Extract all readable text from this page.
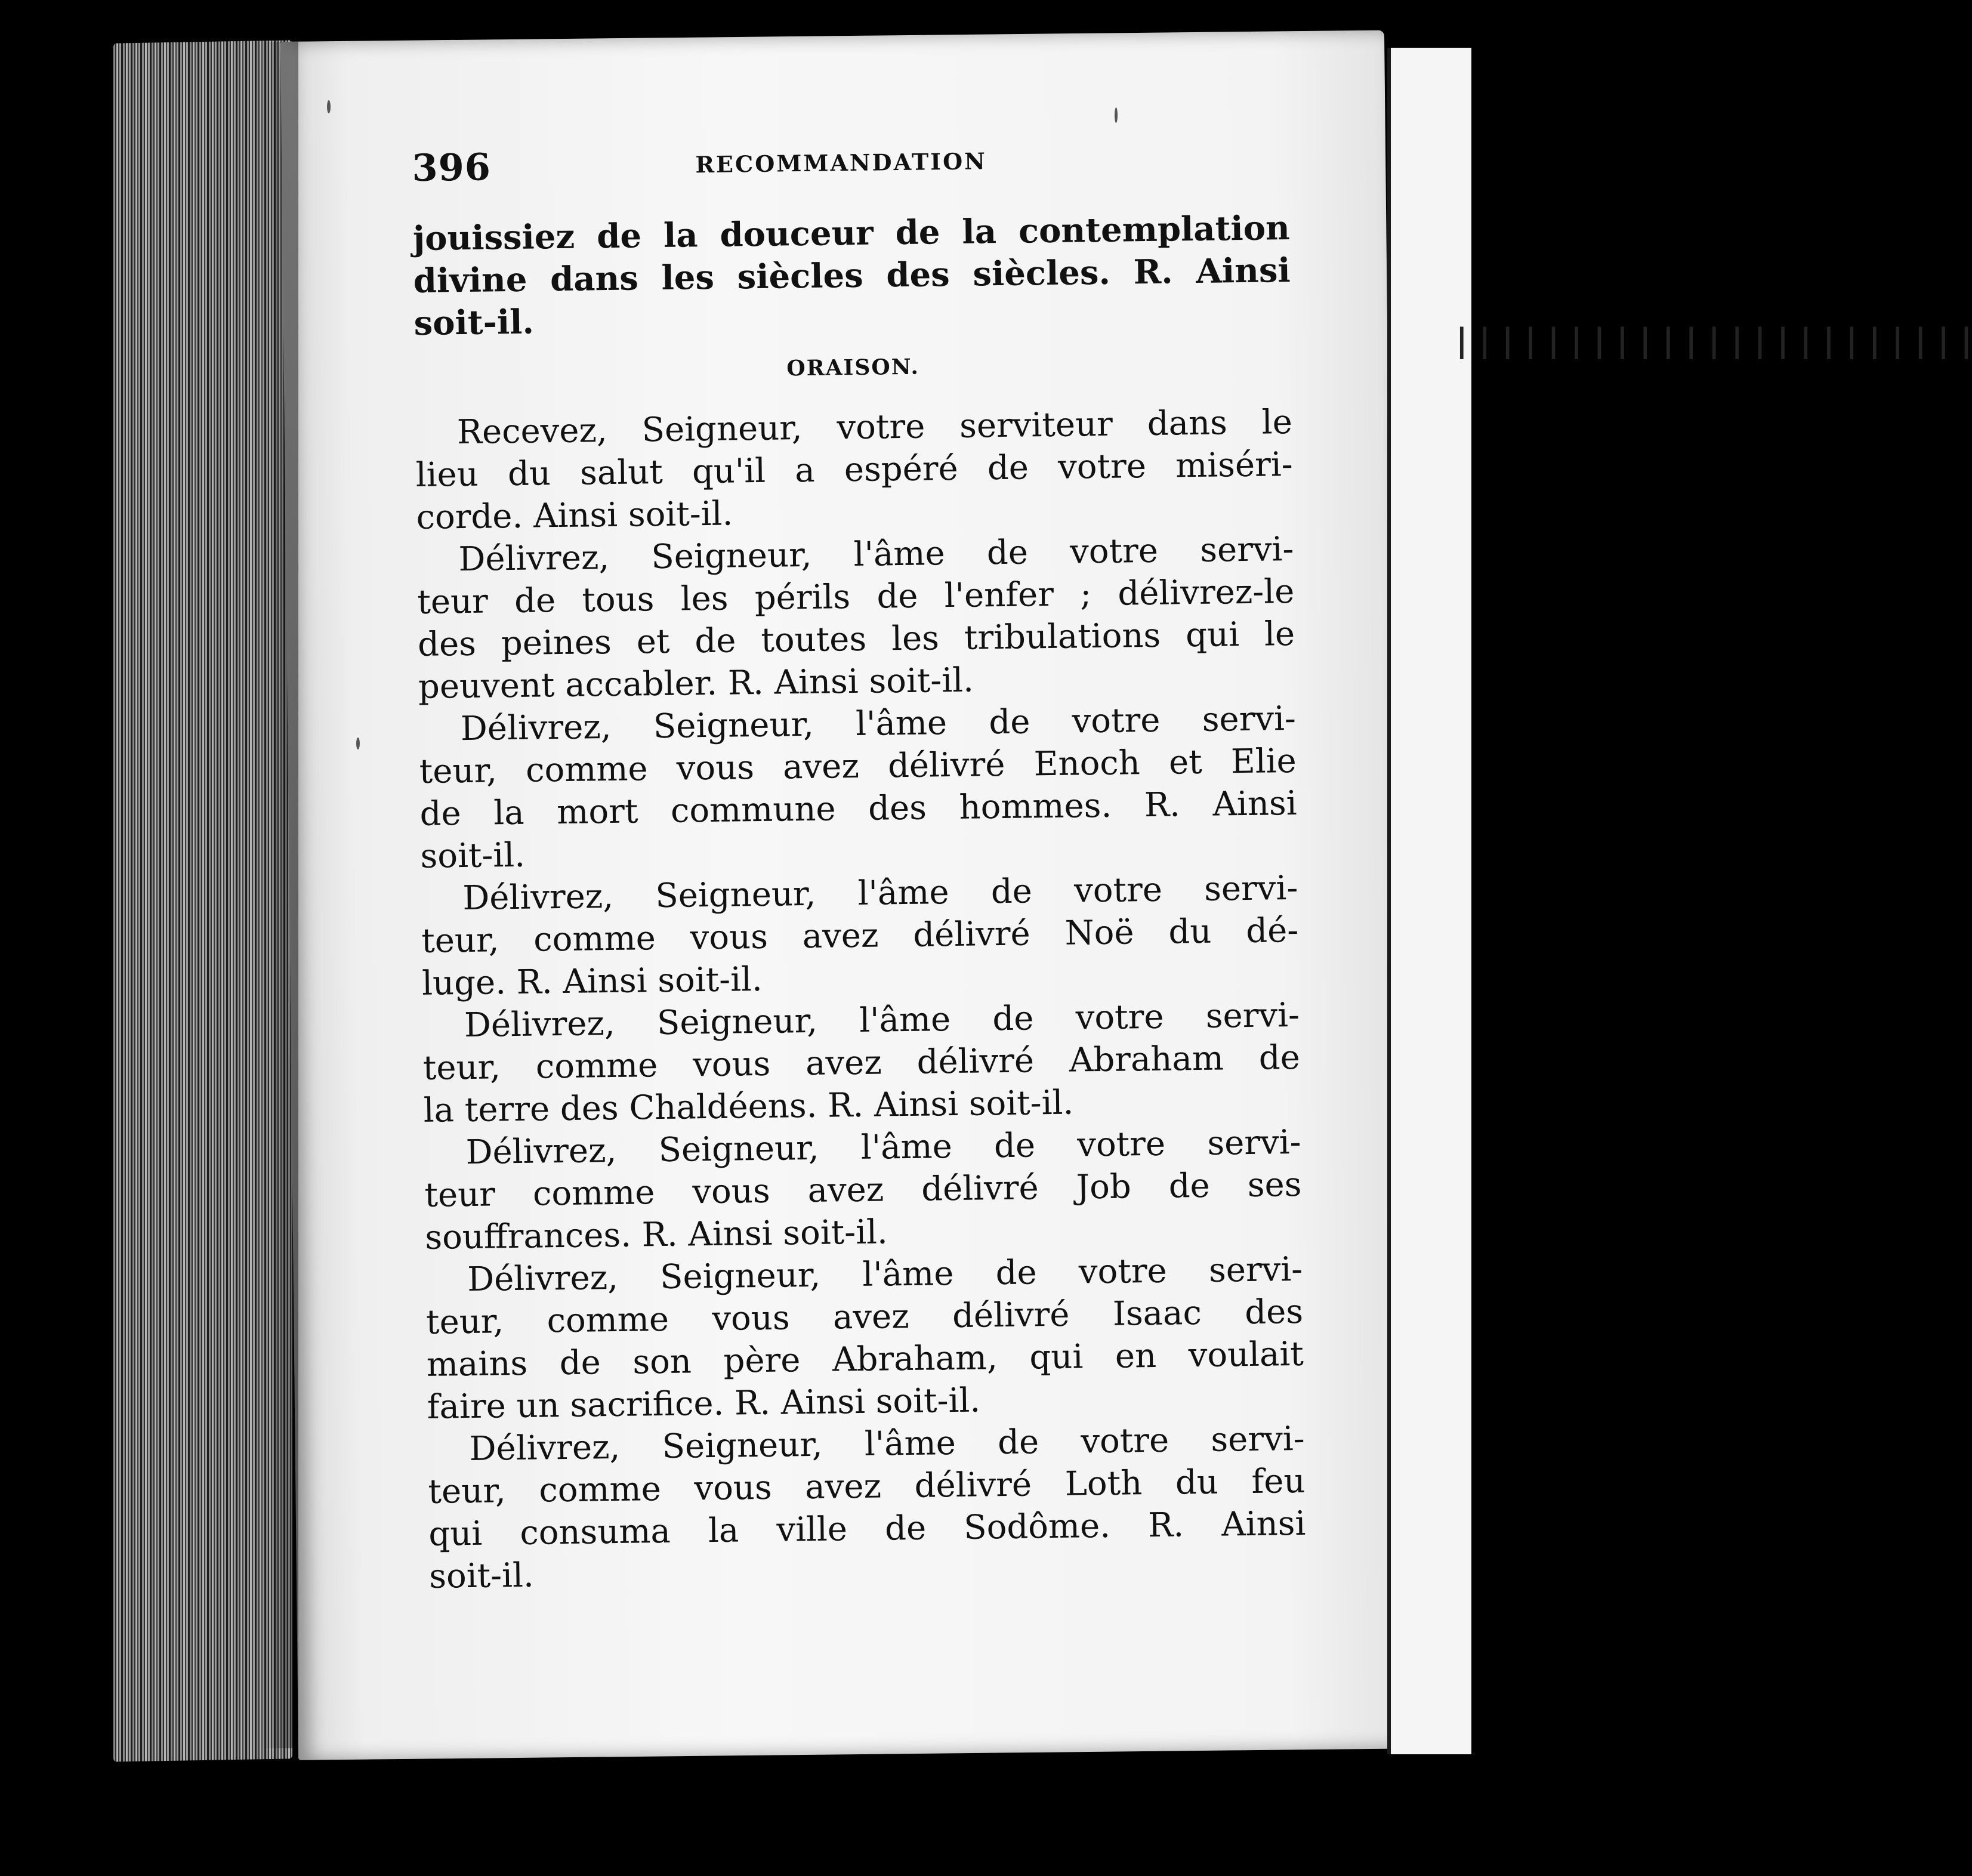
396	RECOMMANDATION

jouissiez de la douceur de la contemplation
divine dans les siècles des siècles. R. Ainsi
soit-il.

ORAISON.

Recevez, Seigneur, votre serviteur dans le
lieu du salut qu'il a espéré de votre miséri-
corde. Ainsi soit-il.

Délivrez, Seigneur, l'âme de votre servi-
teur de tous les périls de l'enfer ; délivrez-le
des peines et de toutes les tribulations qui le
peuvent accabler. R. Ainsi soit-il.

Délivrez, Seigneur, l'âme de votre servi-
teur, comme vous avez délivré Enoch et Elie
de la mort commune des hommes. R. Ainsi
soit-il.

Délivrez, Seigneur, l'âme de votre servi-
teur, comme vous avez délivré Noë du dé-
luge. R. Ainsi soit-il.

Délivrez, Seigneur, l'âme de votre servi-
teur, comme vous avez délivré Abraham de
la terre des Chaldéens. R. Ainsi soit-il.

Délivrez, Seigneur, l'âme de votre servi-
teur comme vous avez délivré Job de ses
souffrances. R. Ainsi soit-il.

Délivrez, Seigneur, l'âme de votre servi-
teur, comme vous avez délivré Isaac des
mains de son père Abraham, qui en voulait
faire un sacrifice. R. Ainsi soit-il.

Délivrez, Seigneur, l'âme de votre servi-
teur, comme vous avez délivré Loth du feu
qui consuma la ville de Sodôme. R. Ainsi
soit-il.

| | | | | | | | | | | | | | | | | | | | | | |
